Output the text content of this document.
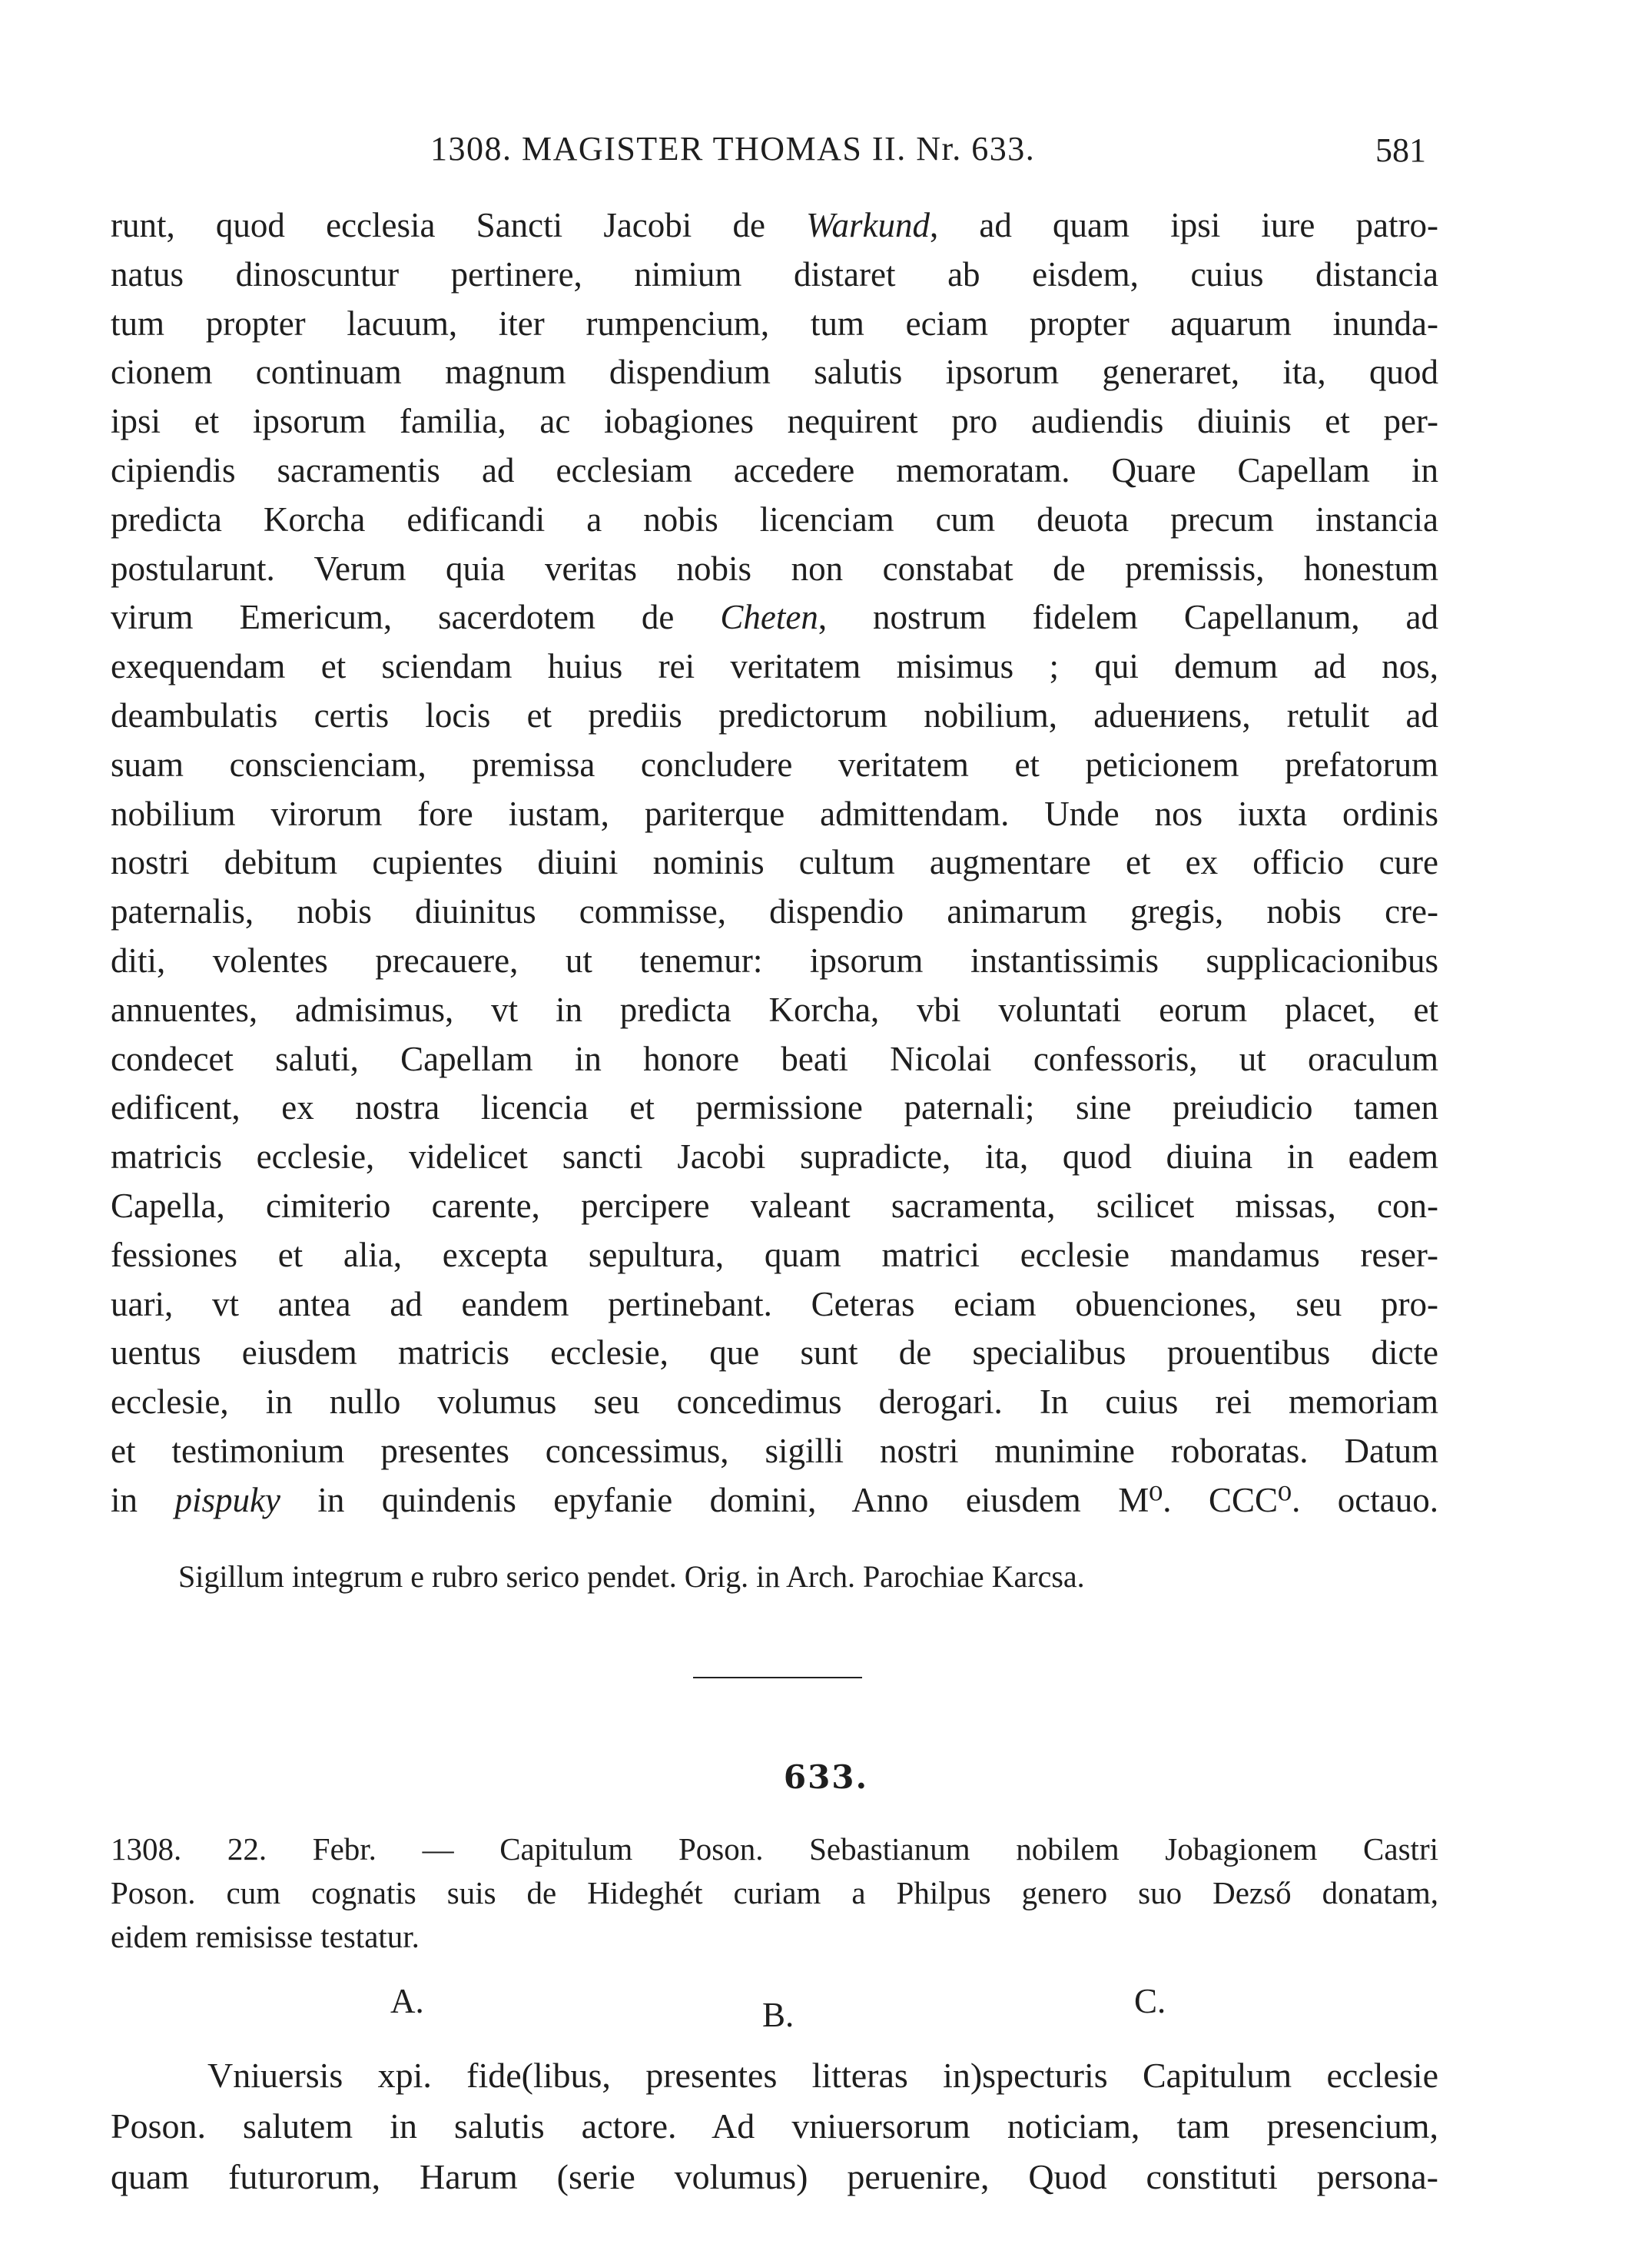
1308. MAGISTER THOMAS II. Nr. 633.	581
runt, quod ecclesia Sancti Jacobi de Warkund, ad quam ipsi iure patro-
natus dinoscuntur pertinere, nimium distaret ab eisdem, cuius distancia
tum propter lacuum, iter rumpencium, tum eciam propter aquarum inunda-
cionem continuam magnum dispendium salutis ipsorum generaret, ita, quod
ipsi et ipsorum familia, ac iobagiones nequirent pro audiendis diuinis et per-
cipiendis sacramentis ad ecclesiam accedere memoratam. Quare Capellam in
predicta Korcha edificandi a nobis licenciam cum deuota precum instancia
postularunt. Verum quia veritas nobis non constabat de premissis, honestum
virum Emericum, sacerdotem de Cheten, nostrum fidelem Capellanum, ad
exequendam et sciendam huius rei veritatem misimus ; qui demum ad nos,
deambulatis certis locis et prediis predictorum nobilium, aduениens, retulit ad
suam conscienciam, premissa concludere veritatem et peticionem prefatorum
nobilium virorum fore iustam, pariterque admittendam. Unde nos iuxta ordinis
nostri debitum cupientes diuini nominis cultum augmentare et ex officio cure
paternalis, nobis diuinitus commisse, dispendio animarum gregis, nobis cre-
diti, volentes precauere, ut tenemur: ipsorum instantissimis supplicacionibus
annuentes, admisimus, vt in predicta Korcha, vbi voluntati eorum placet, et
condecet saluti, Capellam in honore beati Nicolai confessoris, ut oraculum
edificent, ex nostra licencia et permissione paternali; sine preiudicio tamen
matricis ecclesie, videlicet sancti Jacobi supradicte, ita, quod diuina in eadem
Capella, cimiterio carente, percipere valeant sacramenta, scilicet missas, con-
fessiones et alia, excepta sepultura, quam matrici ecclesie mandamus reser-
uari, vt antea ad eandem pertinebant. Ceteras eciam obuenciones, seu pro-
uentus eiusdem matricis ecclesie, que sunt de specialibus prouentibus dicte
ecclesie, in nullo volumus seu concedimus derogari. In cuius rei memoriam
et testimonium presentes concessimus, sigilli nostri munimine roboratas. Datum
in pispuky in quindenis epyfanie domini, Anno eiusdem M⁰. CCC⁰. octauo.
Sigillum integrum e rubro serico pendet. Orig. in Arch. Parochiae Karcsa.
633.
1308. 22. Febr. — Capitulum Poson. Sebastianum nobilem Jobagionem Castri
Poson. cum cognatis suis de Hideghét curiam a Philpus genero suo Dezső donatam,
eidem remisisse testatur.
A.	B.	C.
Vniuersis xpi. fide(libus, presentes litteras in)specturis Capitulum ecclesie
Poson. salutem in salutis actore. Ad vniuersorum noticiam, tam presencium,
quam futurorum, Harum (serie volumus) peruenire, Quod constituti persona-
